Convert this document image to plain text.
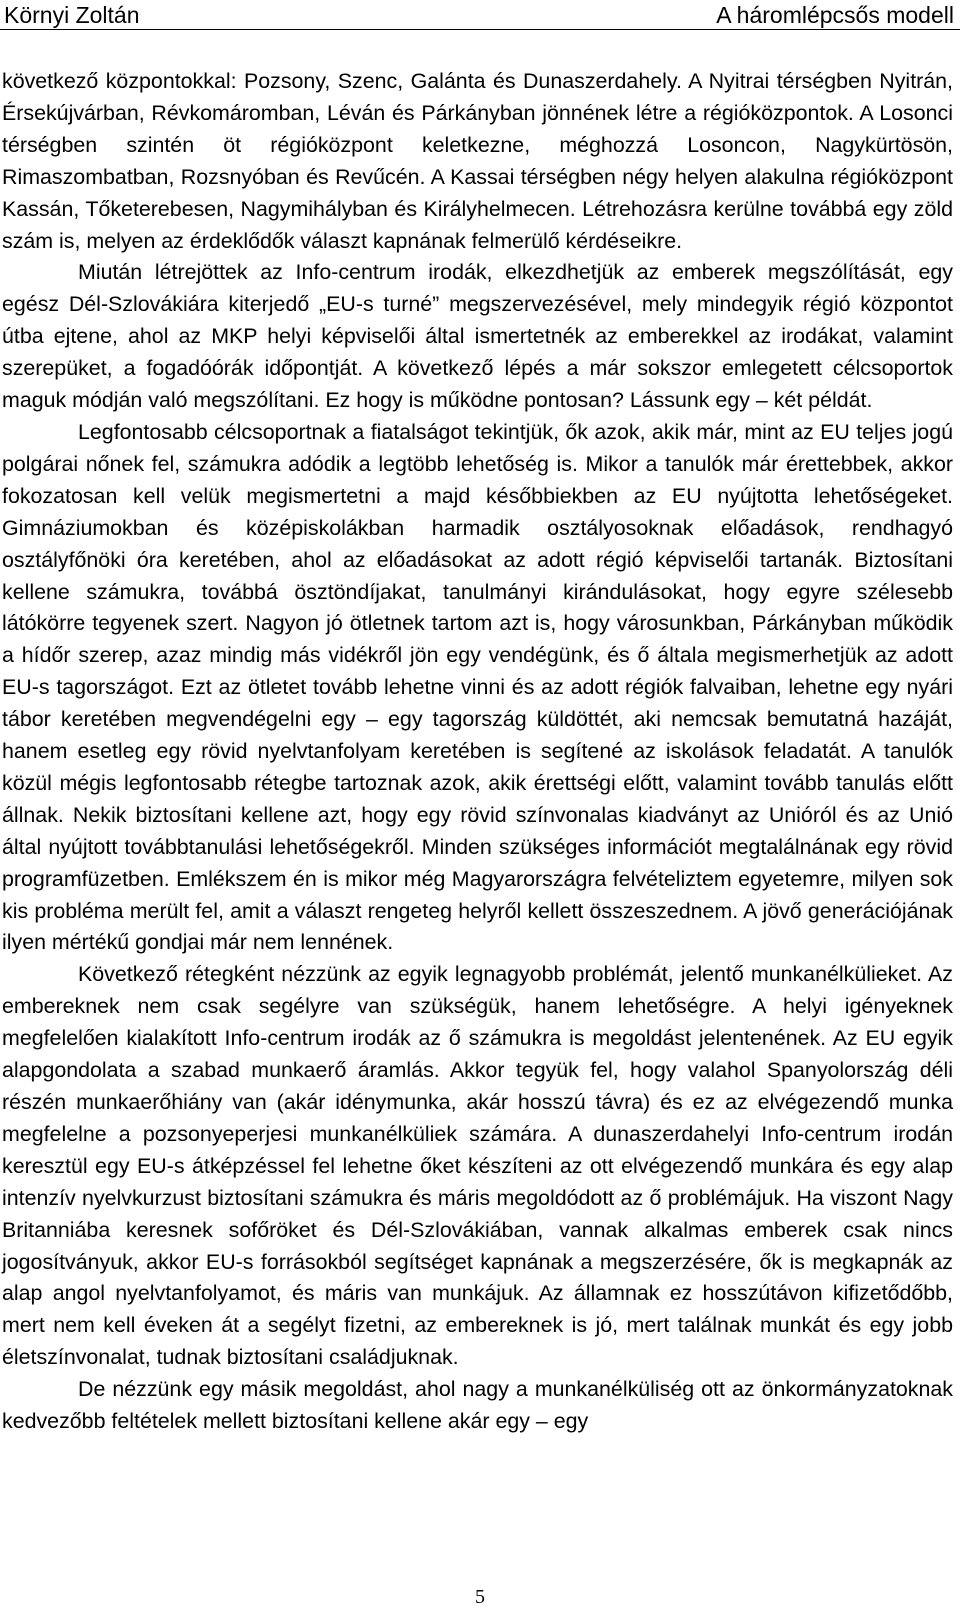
Környi Zoltán	A háromlépcsős modell

következő központokkal: Pozsony, Szenc, Galánta és Dunaszerdahely. A Nyitrai térségben Nyitrán, Érsekújvárban, Révkomáromban, Léván és Párkányban jönnének létre a régióközpontok. A Losonci térségben szintén öt régióközpont keletkezne, méghozzá Losoncon, Nagykürtösön, Rimaszombatban, Rozsnyóban és Revűcén. A Kassai térségben négy helyen alakulna régióközpont Kassán, Tőketerebesen, Nagymihályban és Királyhelmecen. Létrehozásra kerülne továbbá egy zöld szám is, melyen az érdeklődők választ kapnának felmerülő kérdéseikre.

Miután létrejöttek az Info-centrum irodák, elkezdhetjük az emberek megszólítását, egy egész Dél-Szlovákiára kiterjedő „EU-s turné” megszervezésével, mely mindegyik régió központot útba ejtene, ahol az MKP helyi képviselői által ismertetnék az emberekkel az irodákat, valamint szerepüket, a fogadóórák időpontját. A következő lépés a már sokszor emlegetett célcsoportok maguk módján való megszólítani. Ez hogy is működne pontosan? Lássunk egy – két példát.

Legfontosabb célcsoportnak a fiatalságot tekintjük, ők azok, akik már, mint az EU teljes jogú polgárai nőnek fel, számukra adódik a legtöbb lehetőség is. Mikor a tanulók már érettebbek, akkor fokozatosan kell velük megismertetni a majd későbbiekben az EU nyújtotta lehetőségeket. Gimnáziumokban és középiskolákban harmadik osztályosoknak előadások, rendhagyó osztályfőnöki óra keretében, ahol az előadásokat az adott régió képviselői tartanák. Biztosítani kellene számukra, továbbá ösztöndíjakat, tanulmányi kirándulásokat, hogy egyre szélesebb látókörre tegyenek szert. Nagyon jó ötletnek tartom azt is, hogy városunkban, Párkányban működik a hídőr szerep, azaz mindig más vidékről jön egy vendégünk, és ő általa megismerhetjük az adott EU-s tagországot. Ezt az ötletet tovább lehetne vinni és az adott régiók falvaiban, lehetne egy nyári tábor keretében megvendégelni egy – egy tagország küldöttét, aki nemcsak bemutatná hazáját, hanem esetleg egy rövid nyelvtanfolyam keretében is segítené az iskolások feladatát. A tanulók közül mégis legfontosabb rétegbe tartoznak azok, akik érettségi előtt, valamint tovább tanulás előtt állnak. Nekik biztosítani kellene azt, hogy egy rövid színvonalas kiadványt az Unióról és az Unió által nyújtott továbbtanulási lehetőségekről. Minden szükséges információt megtalálnának egy rövid programfüzetben. Emlékszem én is mikor még Magyarországra felvételiztem egyetemre, milyen sok kis probléma merült fel, amit a választ rengeteg helyről kellett összeszednem. A jövő generációjának ilyen mértékű gondjai már nem lennének.

Következő rétegként nézzünk az egyik legnagyobb problémát, jelentő munkanélkülieket. Az embereknek nem csak segélyre van szükségük, hanem lehetőségre. A helyi igényeknek megfelelően kialakított Info-centrum irodák az ő számukra is megoldást jelentenének. Az EU egyik alapgondolata a szabad munkaerő áramlás. Akkor tegyük fel, hogy valahol Spanyolország déli részén munkaerőhiány van (akár idénymunka, akár hosszú távra) és ez az elvégezendő munka megfelelne a pozsonyeperjesi munkanélküliek számára. A dunaszerdahelyi Info-centrum irodán keresztül egy EU-s átképzéssel fel lehetne őket készíteni az ott elvégezendő munkára és egy alap intenzív nyelvkurzust biztosítani számukra és máris megoldódott az ő problémájuk. Ha viszont Nagy Britanniába keresnek sofőröket és Dél-Szlovákiában, vannak alkalmas emberek csak nincs jogosítványuk, akkor EU-s forrásokból segítséget kapnának a megszerzésére, ők is megkapnák az alap angol nyelvtanfolyamot, és máris van munkájuk. Az államnak ez hosszútávon kifizetődőbb, mert nem kell éveken át a segélyt fizetni, az embereknek is jó, mert találnak munkát és egy jobb életszínvonalat, tudnak biztosítani családjuknak.

De nézzünk egy másik megoldást, ahol nagy a munkanélküliség ott az önkormányzatoknak kedvezőbb feltételek mellett biztosítani kellene akár egy – egy

5
